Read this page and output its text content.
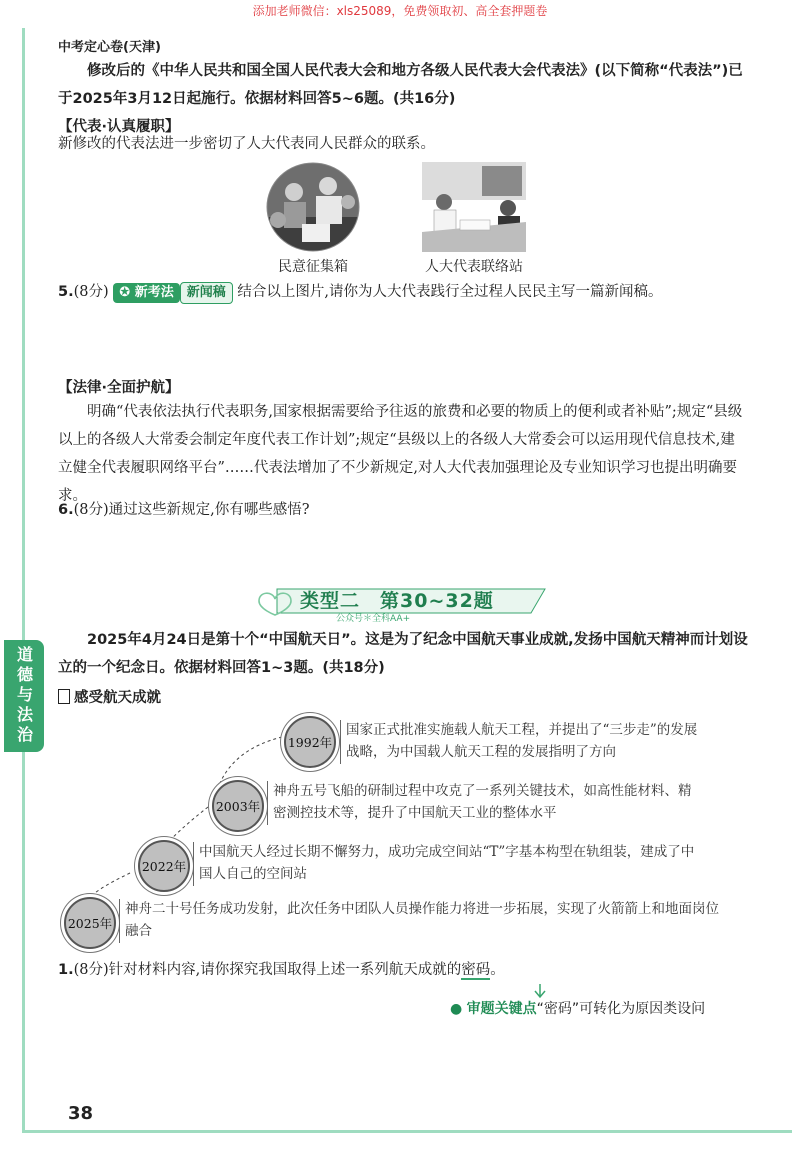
添加老师微信：xls25089，免费领取初、高全套押题卷
道德与法治
中考定心卷(天津)
修改后的《中华人民共和国全国人民代表大会和地方各级人民代表大会代表法》(以下简称“代表法”)已于2025年3月12日起施行。依据材料回答5~6题。(共16分)
【代表·认真履职】
新修改的代表法进一步密切了人大代表同人民群众的联系。
民意征集箱	人大代表联络站
5.(8分) ✪ 新考法 新闻稿 结合以上图片,请你为人大代表践行全过程人民民主写一篇新闻稿。
【法律·全面护航】
明确“代表依法执行代表职务,国家根据需要给予往返的旅费和必要的物质上的便利或者补贴”;规定“县级以上的各级人大常委会制定年度代表工作计划”;规定“县级以上的各级人大常委会可以运用现代信息技术,建立健全代表履职网络平台”……代表法增加了不少新规定,对人大代表加强理论及专业知识学习也提出明确要求。
6.(8分)通过这些新规定,你有哪些感悟?
类型二　第30~32题
公众号＊全科AA+
2025年4月24日是第十个“中国航天日”。这是为了纪念中国航天事业成就,发扬中国航天精神而计划设立的一个纪念日。依据材料回答1~3题。(共18分)
感受航天成就
1992年
国家正式批准实施载人航天工程，并提出了“三步走”的发展战略，为中国载人航天工程的发展指明了方向
2003年
神舟五号飞船的研制过程中攻克了一系列关键技术，如高性能材料、精密测控技术等，提升了中国航天工业的整体水平
2022年
中国航天人经过长期不懈努力，成功完成空间站“T”字基本构型在轨组装，建成了中国人自己的空间站
2025年
神舟二十号任务成功发射，此次任务中团队人员操作能力将进一步拓展，实现了火箭箭上和地面岗位融合
1.(8分)针对材料内容,请你探究我国取得上述一系列航天成就的密码。
● 审题关键点“密码”可转化为原因类设问
38
